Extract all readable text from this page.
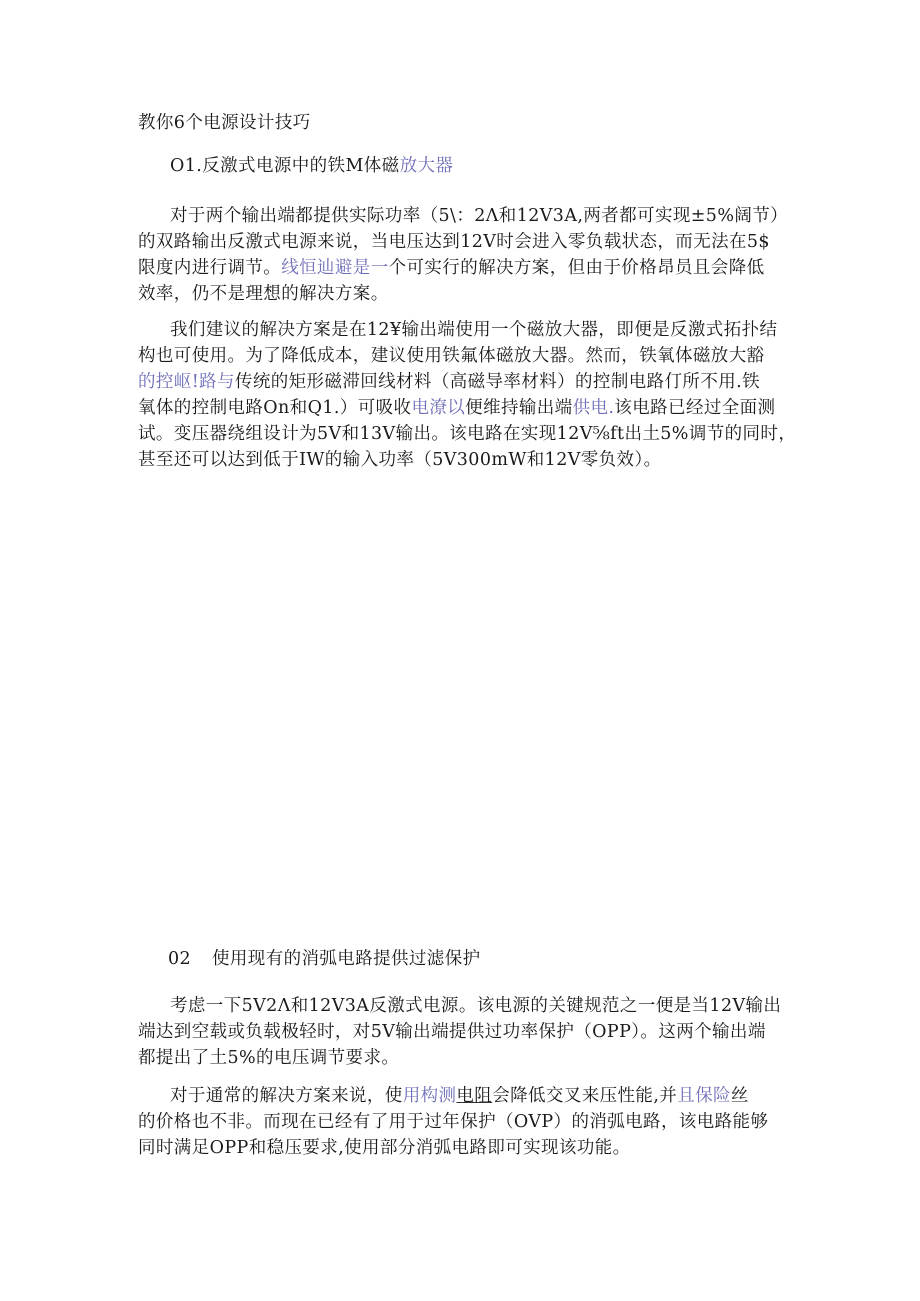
教你6个电源设计技巧
O1.反激式电源中的铁M体磁放大器
对于两个输出端都提供实际功率（5\：2Λ和12V3A,两者都可实现±5%阔节）
的双路输出反激式电源来说，当电压达到12V时会进入零负载状态，而无法在5$
限度内进行调节。线恒辿避是一个可实行的解决方案，但由于价格昂员且会降低
效率，仍不是理想的解决方案。
我们建议的解决方案是在12¥输出端使用一个磁放大器，即便是反激式拓扑结
构也可使用。为了降低成本，建议使用铁氟体磁放大器。然而，铁氧体磁放大豁
的控岖!路与传统的矩形磁滞回线材料（高磁导率材料）的控制电路仃所不用.铁
氧体的控制电路On和Q1.）可吸收电潦以便维持输出端供电.该电路已经过全面测
试。变压器绕组设计为5V和13V输出。该电路在实现12V⅝ft出土5%调节的同时，
甚至还可以达到低于IW的输入功率（5V300mW和12V零负效）。
02 使用现有的消弧电路提供过滤保护
考虑一下5V2Λ和12V3A反激式电源。该电源的关键规范之一便是当12V输出
端达到空载或负载极轻时，对5V输出端提供过功率保护（OPP）。这两个输出端
都提出了土5%的电压调节要求。
对于通常的解决方案来说，使用构测电阻会降低交叉来压性能,并且保险丝
的价格也不非。而现在已经有了用于过年保护（OVP）的消弧电路，该电路能够
同时满足OPP和稳压要求,使用部分消弧电路即可实现该功能。
